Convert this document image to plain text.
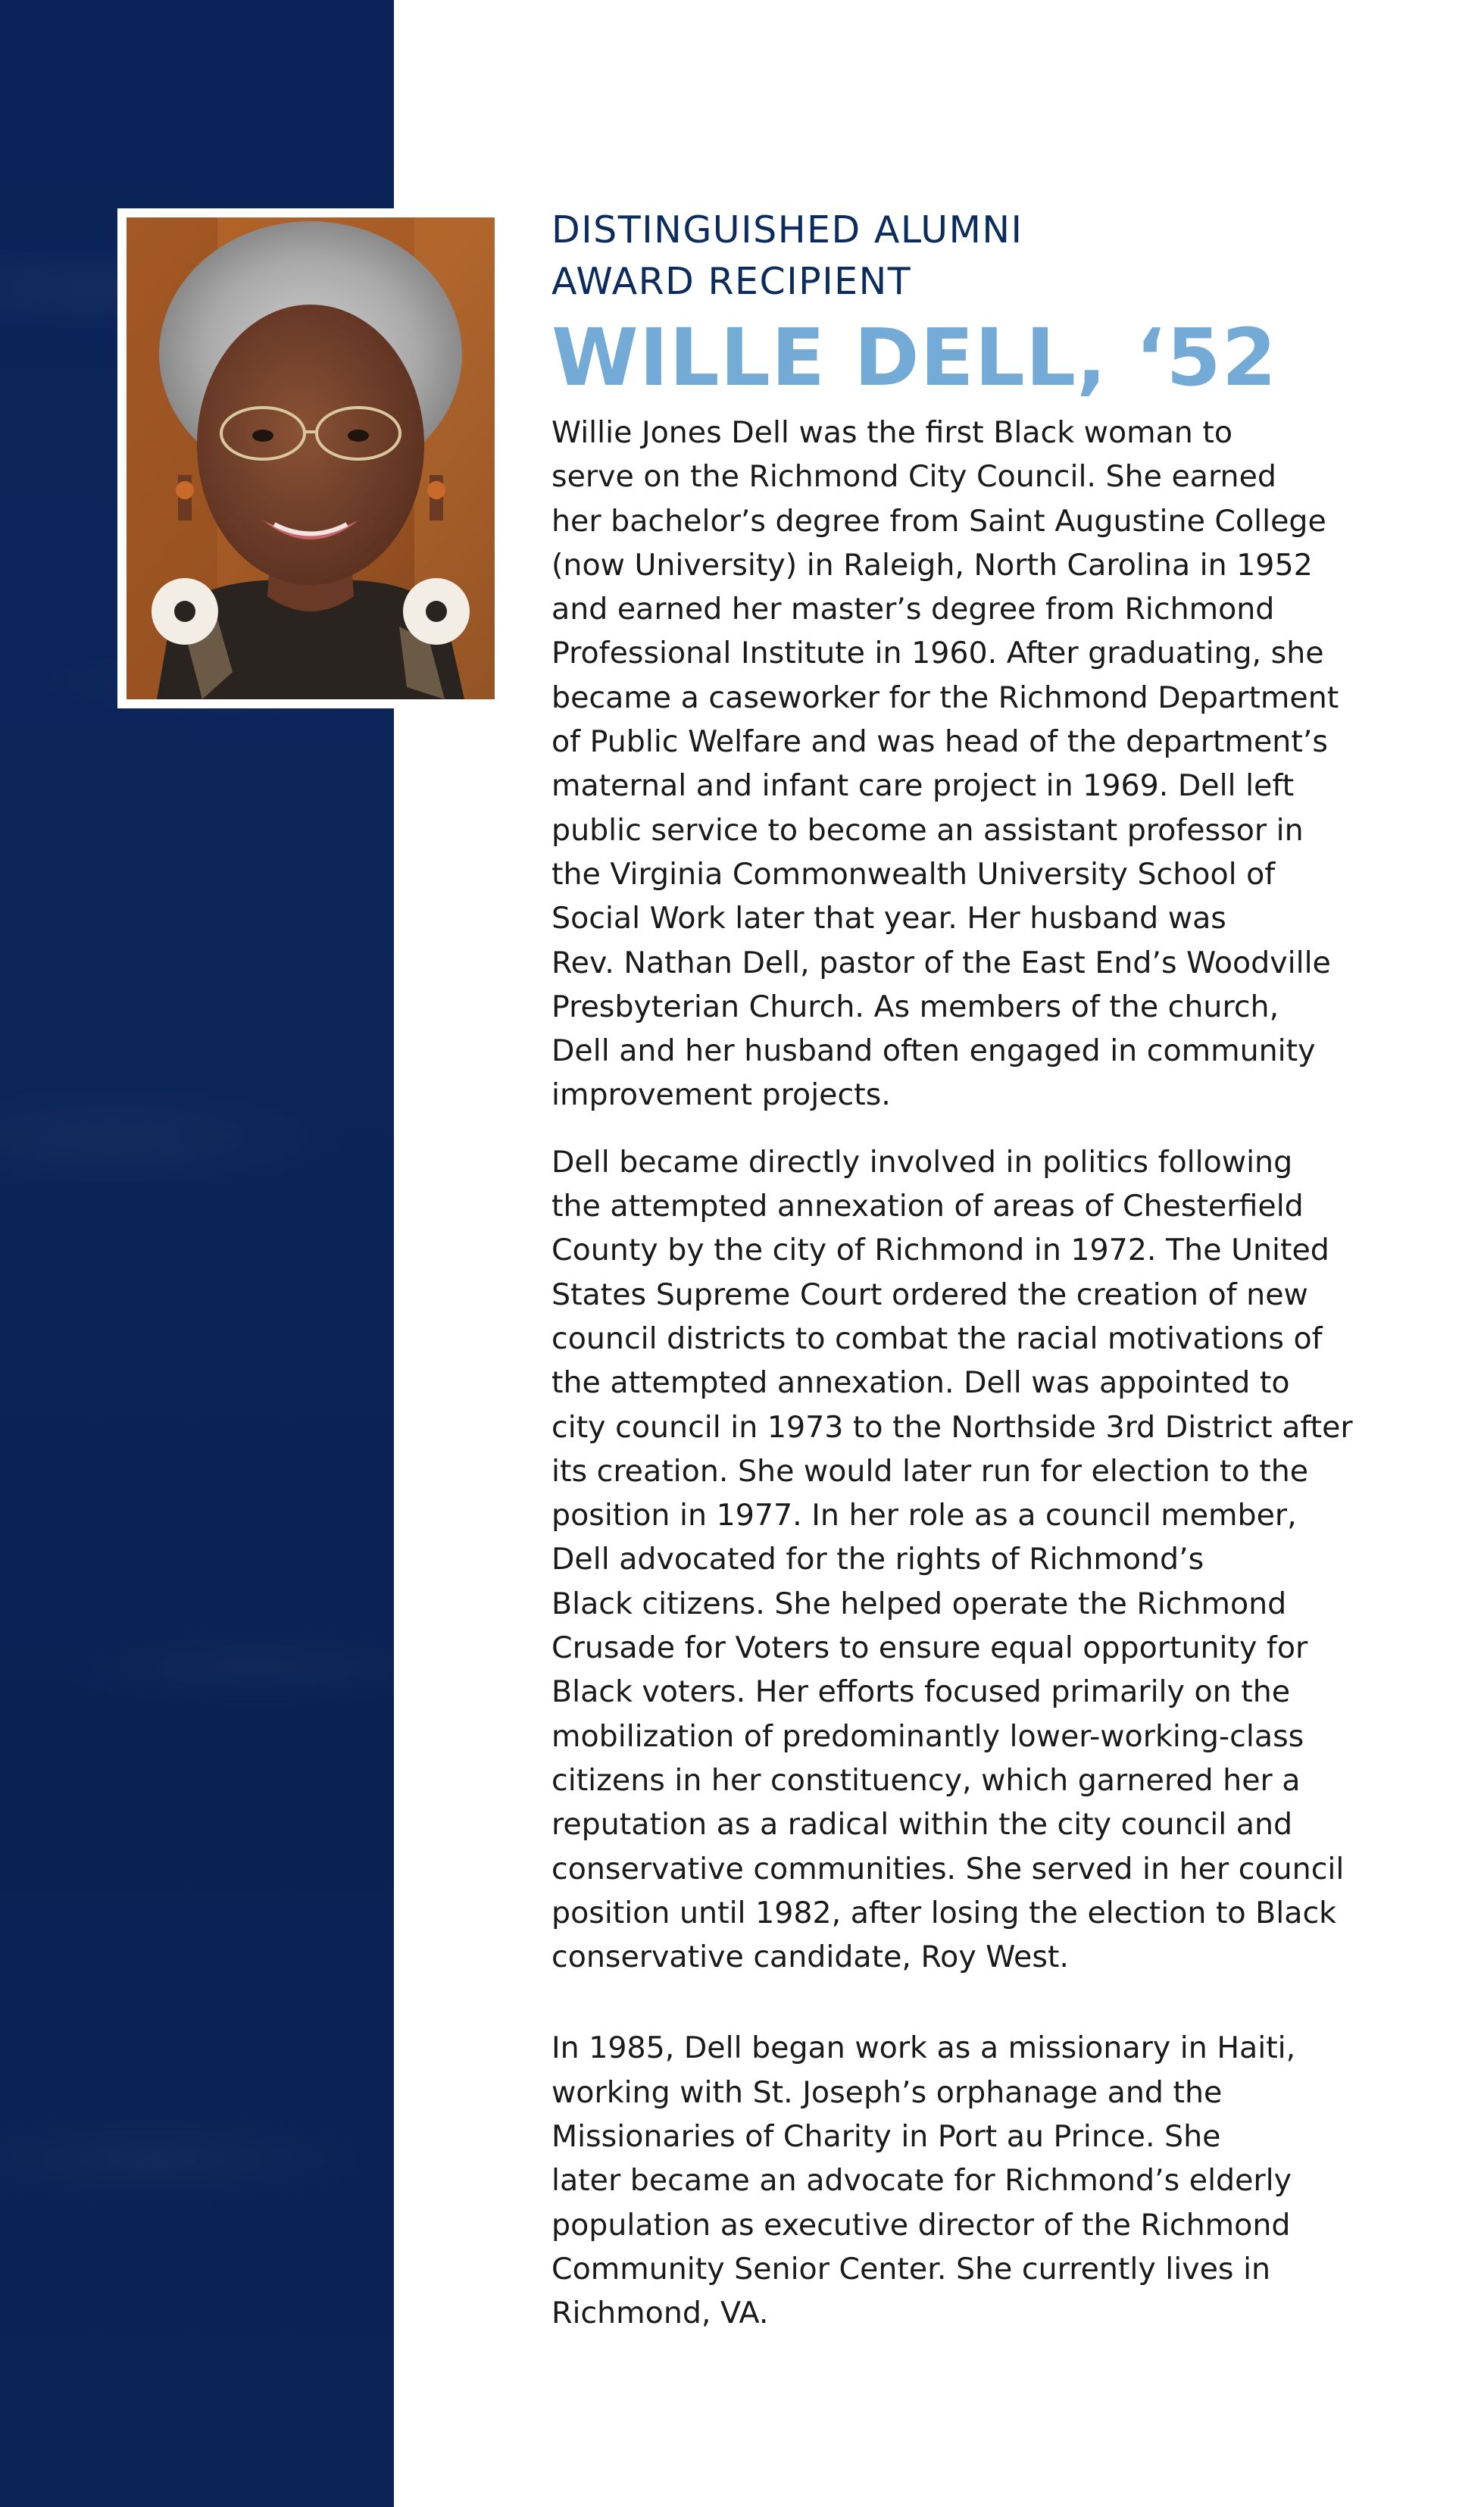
DISTINGUISHED ALUMNI

AWARD RECIPIENT

WILLE DELL, ‘52
Willie Jones Dell was the first Black woman to
serve on the Richmond City Council. She earned
her bachelor’s degree from Saint Augustine College
(now University) in Raleigh, North Carolina in 1952
and earned her master’s degree from Richmond
Professional Institute in 1960. After graduating, she
became a caseworker for the Richmond Department
of Public Welfare and was head of the department’s
maternal and infant care project in 1969. Dell left
public service to become an assistant professor in
the Virginia Commonwealth University School of
Social Work later that year. Her husband was
Rev. Nathan Dell, pastor of the East End’s Woodville
Presbyterian Church. As members of the church,
Dell and her husband often engaged in community
improvement projects.
Dell became directly involved in politics following
the attempted annexation of areas of Chesterfield
County by the city of Richmond in 1972. The United
States Supreme Court ordered the creation of new
council districts to combat the racial motivations of
the attempted annexation. Dell was appointed to
city council in 1973 to the Northside 3rd District after
its creation. She would later run for election to the
position in 1977. In her role as a council member,
Dell advocated for the rights of Richmond’s
Black citizens. She helped operate the Richmond
Crusade for Voters to ensure equal opportunity for
Black voters. Her efforts focused primarily on the
mobilization of predominantly lower-working-class
citizens in her constituency, which garnered her a
reputation as a radical within the city council and
conservative communities. She served in her council
position until 1982, after losing the election to Black
conservative candidate, Roy West.
In 1985, Dell began work as a missionary in Haiti,
working with St. Joseph’s orphanage and the
Missionaries of Charity in Port au Prince. She
later became an advocate for Richmond’s elderly
population as executive director of the Richmond
Community Senior Center. She currently lives in
Richmond, VA.
